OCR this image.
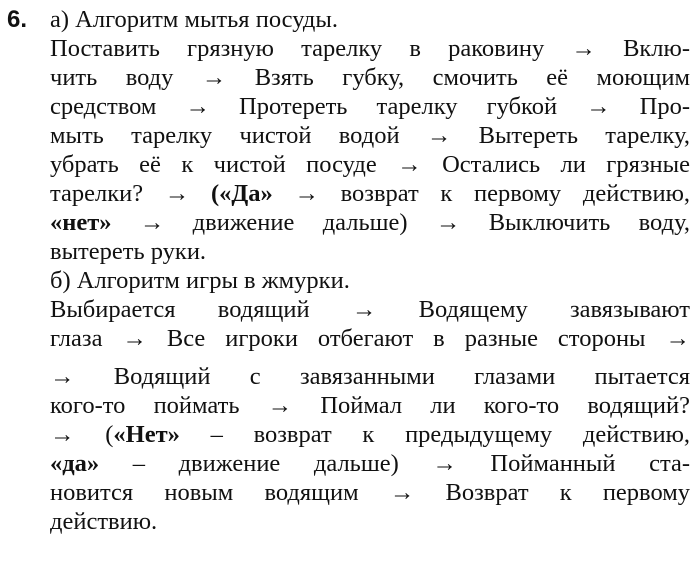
6. а) Алгоритм мытья посуды.
Поставить грязную тарелку в раковину → Вклю-
чить воду → Взять губку, смочить её моющим
средством → Протереть тарелку губкой → Про-
мыть тарелку чистой водой → Вытереть тарелку,
убрать её к чистой посуде → Остались ли грязные
тарелки? → («Да» → возврат к первому действию,
«нет» → движение дальше) → Выключить воду,
вытереть руки.
б) Алгоритм игры в жмурки.
Выбирается водящий → Водящему завязывают
глаза → Все игроки отбегают в разные стороны →
→ Водящий с завязанными глазами пытается
кого-то поймать → Поймал ли кого-то водящий?
→ («Нет» – возврат к предыдущему действию,
«да» – движение дальше) → Пойманный ста-
новится новым водящим → Возврат к первому
действию.
